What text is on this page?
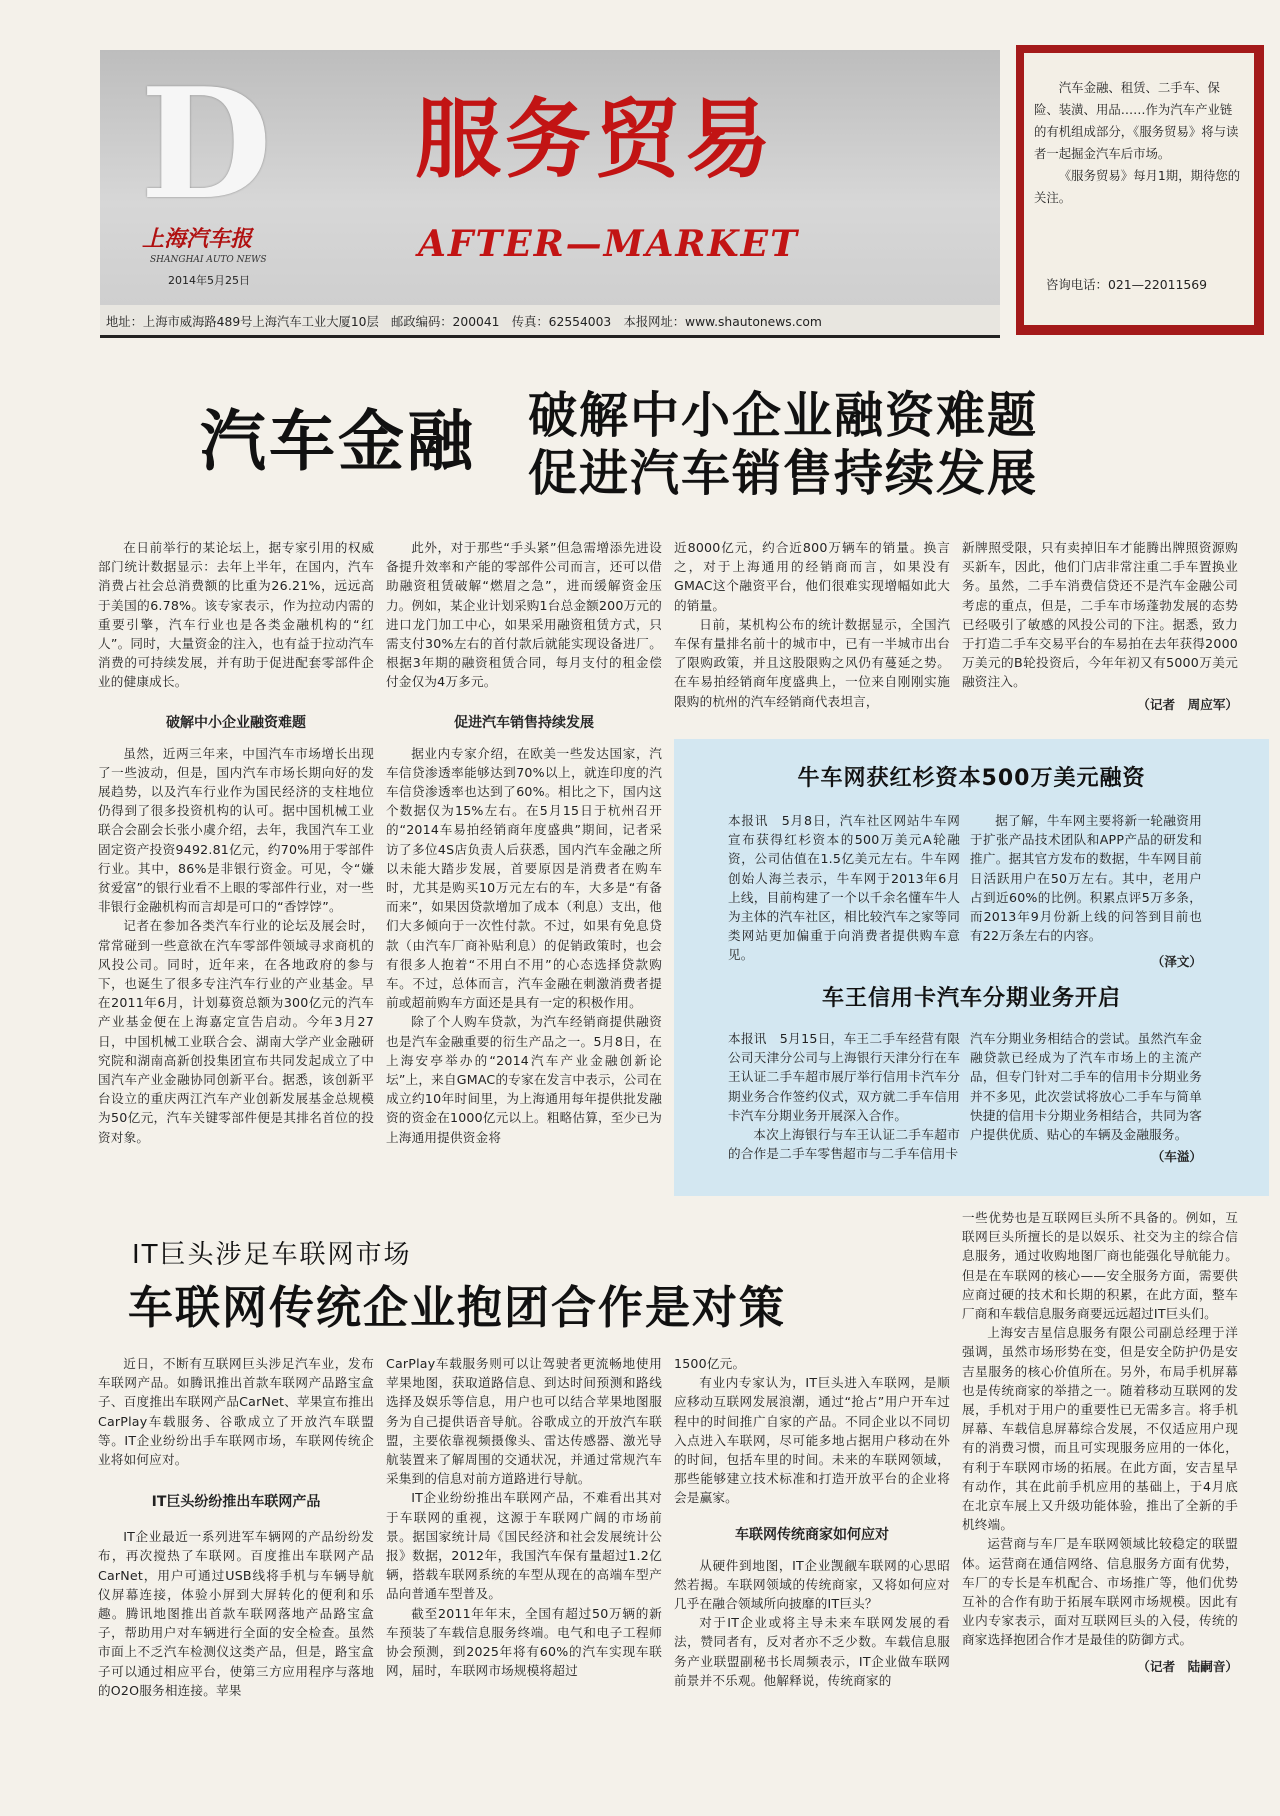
D
上海汽车报
SHANGHAI AUTO NEWS
2014年5月25日
服务贸易
AFTER—MARKET
地址：上海市威海路489号上海汽车工业大厦10层　邮政编码：200041　传真：62554003　本报网址：www.shautonews.com

汽车金融、租赁、二手车、保险、装潢、用品……作为汽车产业链的有机组成部分，《服务贸易》将与读者一起掘金汽车后市场。

《服务贸易》每月1期，期待您的关注。

咨询电话：021—22011569
汽车金融 破解中小企业融资难题
促进汽车销售持续发展

在日前举行的某论坛上，据专家引用的权威部门统计数据显示：去年上半年，在国内，汽车消费占社会总消费额的比重为26.21%，远远高于美国的6.78%。该专家表示，作为拉动内需的重要引擎，汽车行业也是各类金融机构的“红人”。同时，大量资金的注入，也有益于拉动汽车消费的可持续发展，并有助于促进配套零部件企业的健康成长。

破解中小企业融资难题

虽然，近两三年来，中国汽车市场增长出现了一些波动，但是，国内汽车市场长期向好的发展趋势，以及汽车行业作为国民经济的支柱地位仍得到了很多投资机构的认可。据中国机械工业联合会副会长张小虞介绍，去年，我国汽车工业固定资产投资9492.81亿元，约70%用于零部件行业。其中，86%是非银行资金。可见，令“嫌贫爱富”的银行业看不上眼的零部件行业，对一些非银行金融机构而言却是可口的“香饽饽”。

记者在参加各类汽车行业的论坛及展会时，常常碰到一些意欲在汽车零部件领域寻求商机的风投公司。同时，近年来，在各地政府的参与下，也诞生了很多专注汽车行业的产业基金。早在2011年6月，计划募资总额为300亿元的汽车产业基金便在上海嘉定宣告启动。今年3月27日，中国机械工业联合会、湖南大学产业金融研究院和湖南高新创投集团宣布共同发起成立了中国汽车产业金融协同创新平台。据悉，该创新平台设立的重庆两江汽车产业创新发展基金总规模为50亿元，汽车关键零部件便是其排名首位的投资对象。

此外，对于那些“手头紧”但急需增添先进设备提升效率和产能的零部件公司而言，还可以借助融资租赁破解“燃眉之急”，进而缓解资金压力。例如，某企业计划采购1台总金额200万元的进口龙门加工中心，如果采用融资租赁方式，只需支付30%左右的首付款后就能实现设备进厂。根据3年期的融资租赁合同，每月支付的租金偿付金仅为4万多元。

促进汽车销售持续发展

据业内专家介绍，在欧美一些发达国家，汽车信贷渗透率能够达到70%以上，就连印度的汽车信贷渗透率也达到了60%。相比之下，国内这个数据仅为15%左右。在5月15日于杭州召开的“2014车易拍经销商年度盛典”期间，记者采访了多位4S店负责人后获悉，国内汽车金融之所以未能大踏步发展，首要原因是消费者在购车时，尤其是购买10万元左右的车，大多是“有备而来”，如果因贷款增加了成本（利息）支出，他们大多倾向于一次性付款。不过，如果有免息贷款（由汽车厂商补贴利息）的促销政策时，也会有很多人抱着“不用白不用”的心态选择贷款购车。不过，总体而言，汽车金融在刺激消费者提前或超前购车方面还是具有一定的积极作用。

除了个人购车贷款，为汽车经销商提供融资也是汽车金融重要的衍生产品之一。5月8日，在上海安亭举办的“2014汽车产业金融创新论坛”上，来自GMAC的专家在发言中表示，公司在成立约10年时间里，为上海通用每年提供批发融资的资金在1000亿元以上。粗略估算，至少已为上海通用提供资金将

近8000亿元，约合近800万辆车的销量。换言之，对于上海通用的经销商而言，如果没有GMAC这个融资平台，他们很难实现增幅如此大的销量。

日前，某机构公布的统计数据显示，全国汽车保有量排名前十的城市中，已有一半城市出台了限购政策，并且这股限购之风仍有蔓延之势。在车易拍经销商年度盛典上，一位来自刚刚实施限购的杭州的汽车经销商代表坦言，

新牌照受限，只有卖掉旧车才能腾出牌照资源购买新车，因此，他们门店非常注重二手车置换业务。虽然，二手车消费信贷还不是汽车金融公司考虑的重点，但是，二手车市场蓬勃发展的态势已经吸引了敏感的风投公司的下注。据悉，致力于打造二手车交易平台的车易拍在去年获得2000万美元的B轮投资后，今年年初又有5000万美元融资注入。

（记者　周应军）
牛车网获红杉资本500万美元融资

本报讯　5月8日，汽车社区网站牛车网宣布获得红杉资本的500万美元A轮融资，公司估值在1.5亿美元左右。牛车网创始人海兰表示，牛车网于2013年6月上线，目前构建了一个以千余名懂车牛人为主体的汽车社区，相比较汽车之家等同类网站更加偏重于向消费者提供购车意见。

据了解，牛车网主要将新一轮融资用于扩张产品技术团队和APP产品的研发和推广。据其官方发布的数据，牛车网目前日活跃用户在50万左右。其中，老用户占到近60%的比例。积累点评5万多条，而2013年9月份新上线的问答到目前也有22万条左右的内容。

（泽文）
车王信用卡汽车分期业务开启

本报讯　5月15日，车王二手车经营有限公司天津分公司与上海银行天津分行在车王认证二手车超市展厅举行信用卡汽车分期业务合作签约仪式，双方就二手车信用卡汽车分期业务开展深入合作。

本次上海银行与车王认证二手车超市的合作是二手车零售超市与二手车信用卡

汽车分期业务相结合的尝试。虽然汽车金融贷款已经成为了汽车市场上的主流产品，但专门针对二手车的信用卡分期业务并不多见，此次尝试将放心二手车与简单快捷的信用卡分期业务相结合，共同为客户提供优质、贴心的车辆及金融服务。

（车溢）
IT巨头涉足车联网市场
车联网传统企业抱团合作是对策

近日，不断有互联网巨头涉足汽车业，发布车联网产品。如腾讯推出首款车联网产品路宝盒子、百度推出车联网产品CarNet、苹果宣布推出CarPlay车载服务、谷歌成立了开放汽车联盟等。IT企业纷纷出手车联网市场，车联网传统企业将如何应对。

IT巨头纷纷推出车联网产品

IT企业最近一系列进军车辆网的产品纷纷发布，再次搅热了车联网。百度推出车联网产品CarNet，用户可通过USB线将手机与车辆导航仪屏幕连接，体验小屏到大屏转化的便利和乐趣。腾讯地图推出首款车联网落地产品路宝盒子，帮助用户对车辆进行全面的安全检查。虽然市面上不乏汽车检测仪这类产品，但是，路宝盒子可以通过相应平台，使第三方应用程序与落地的O2O服务相连接。苹果

CarPlay车载服务则可以让驾驶者更流畅地使用苹果地图，获取道路信息、到达时间预测和路线选择及娱乐等信息，用户也可以结合苹果地图服务为自己提供语音导航。谷歌成立的开放汽车联盟，主要依靠视频摄像头、雷达传感器、激光导航装置来了解周围的交通状况，并通过常规汽车采集到的信息对前方道路进行导航。

IT企业纷纷推出车联网产品，不难看出其对于车联网的重视，这源于车联网广阔的市场前景。据国家统计局《国民经济和社会发展统计公报》数据，2012年，我国汽车保有量超过1.2亿辆，搭载车联网系统的车型从现在的高端车型产品向普通车型普及。

截至2011年年末，全国有超过50万辆的新车预装了车载信息服务终端。电气和电子工程师协会预测，到2025年将有60%的汽车实现车联网，届时，车联网市场规模将超过

1500亿元。

有业内专家认为，IT巨头进入车联网，是顺应移动互联网发展浪潮，通过“抢占”用户开车过程中的时间推广自家的产品。不同企业以不同切入点进入车联网，尽可能多地占据用户移动在外的时间，包括车里的时间。未来的车联网领域，那些能够建立技术标准和打造开放平台的企业将会是赢家。

车联网传统商家如何应对

从硬件到地图，IT企业觊觎车联网的心思昭然若揭。车联网领域的传统商家，又将如何应对几乎在融合领域所向披靡的IT巨头？

对于IT企业或将主导未来车联网发展的看法，赞同者有，反对者亦不乏少数。车载信息服务产业联盟副秘书长周频表示，IT企业做车联网前景并不乐观。他解释说，传统商家的

一些优势也是互联网巨头所不具备的。例如，互联网巨头所擅长的是以娱乐、社交为主的综合信息服务，通过收购地图厂商也能强化导航能力。但是在车联网的核心——安全服务方面，需要供应商过硬的技术和长期的积累，在此方面，整车厂商和车载信息服务商要远远超过IT巨头们。

上海安吉星信息服务有限公司副总经理于洋强调，虽然市场形势在变，但是安全防护仍是安吉星服务的核心价值所在。另外，布局手机屏幕也是传统商家的举措之一。随着移动互联网的发展，手机对于用户的重要性已无需多言。将手机屏幕、车载信息屏幕综合发展，不仅适应用户现有的消费习惯，而且可实现服务应用的一体化，有利于车联网市场的拓展。在此方面，安吉星早有动作，其在此前手机应用的基础上，于4月底在北京车展上又升级功能体验，推出了全新的手机终端。

运营商与车厂是车联网领域比较稳定的联盟体。运营商在通信网络、信息服务方面有优势，车厂的专长是车机配合、市场推广等，他们优势互补的合作有助于拓展车联网市场规模。因此有业内专家表示，面对互联网巨头的入侵，传统的商家选择抱团合作才是最佳的防御方式。

（记者　陆嗣音）
